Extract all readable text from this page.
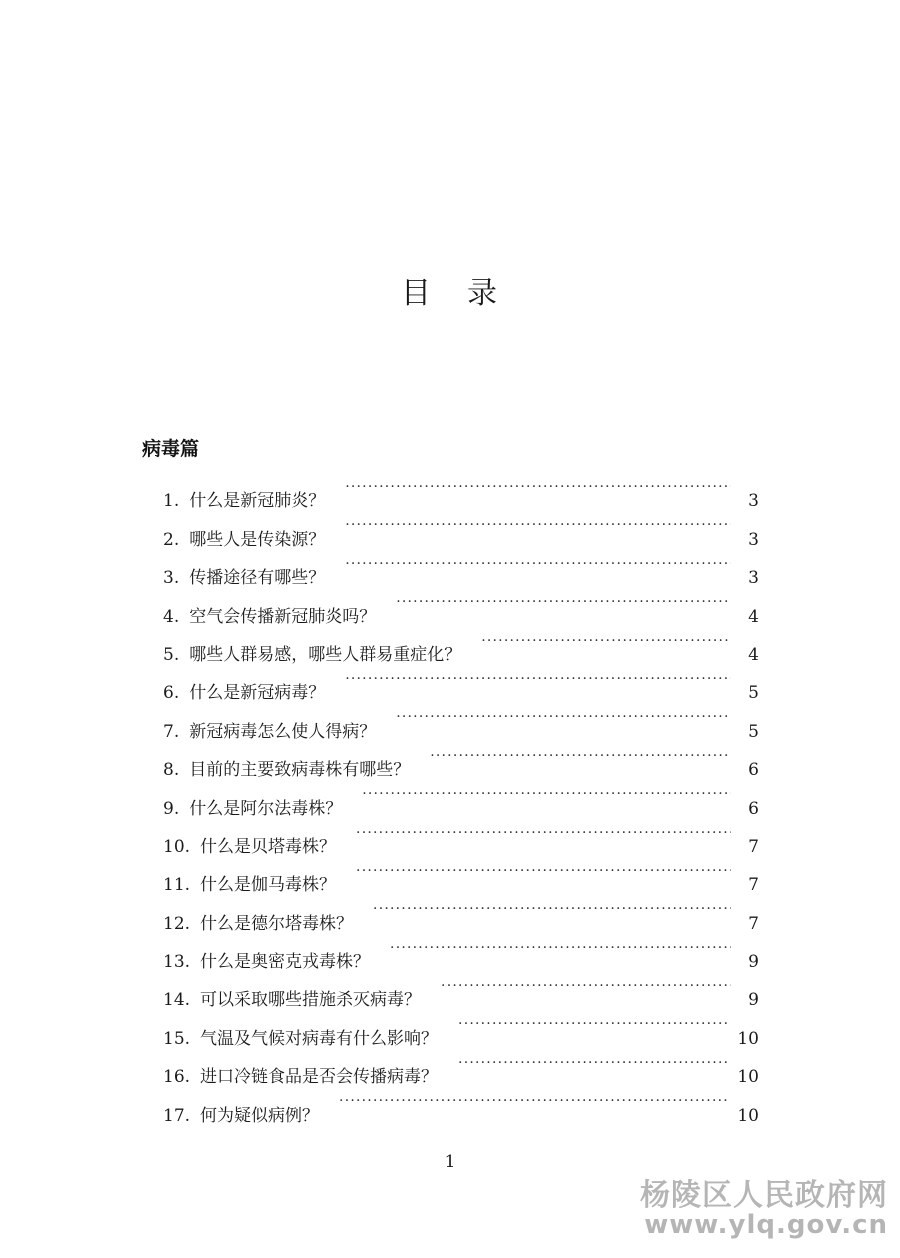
目 录
病毒篇
1. 什么是新冠肺炎？ ·····	3
2. 哪些人是传染源？ ·····	3
3. 传播途径有哪些？ ·····	3
4. 空气会传播新冠肺炎吗？ ·····	4
5. 哪些人群易感，哪些人群易重症化？ ·····	4
6. 什么是新冠病毒？ ·····	5
7. 新冠病毒怎么使人得病？ ·····	5
8. 目前的主要致病毒株有哪些？ ·····	6
9. 什么是阿尔法毒株？ ·····	6
10. 什么是贝塔毒株？ ·····	7
11. 什么是伽马毒株？ ·····	7
12. 什么是德尔塔毒株？ ·····	7
13. 什么是奥密克戎毒株？ ·····	9
14. 可以采取哪些措施杀灭病毒？ ·····	9
15. 气温及气候对病毒有什么影响？ ·····	10
16. 进口冷链食品是否会传播病毒？ ·····	10
17. 何为疑似病例？ ·····	10
1
杨陵区人民政府网
www.ylq.gov.cn
